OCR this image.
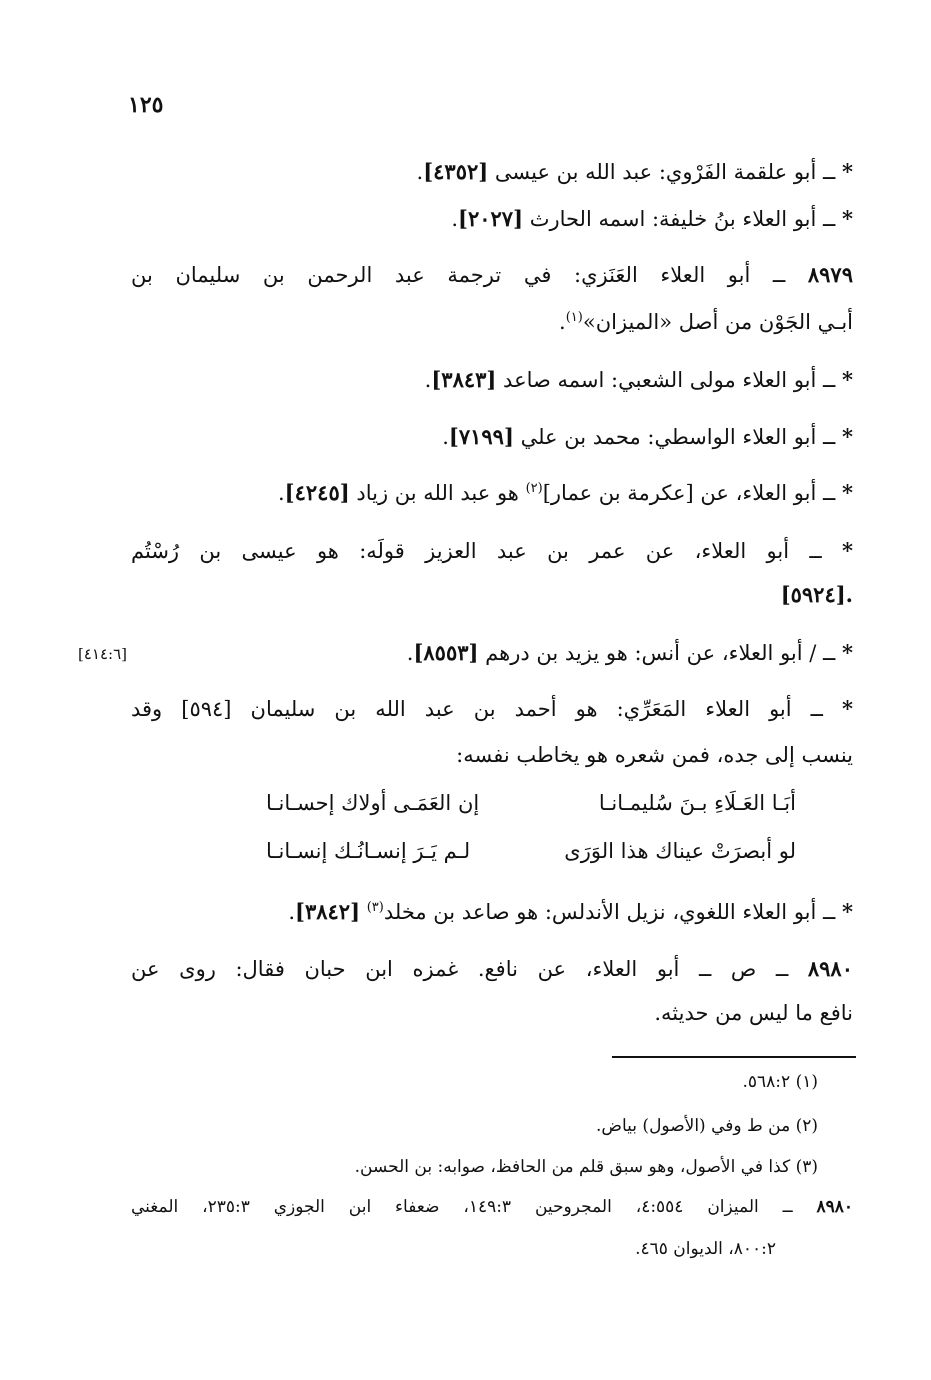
١٢٥
* ــ أبو علقمة الفَرْوي: عبد الله بن عيسى [٤٣٥٢].
* ــ أبو العلاء بنُ خليفة: اسمه الحارث [٢٠٢٧].
٨٩٧٩ ــ أبو العلاء العَنَزي: في ترجمة عبد الرحمن بن سليمان بن
أبـي الجَوْن من أصل «الميزان»$^{(١)}$.
* ــ أبو العلاء مولى الشعبي: اسمه صاعد [٣٨٤٣].
* ــ أبو العلاء الواسطي: محمد بن علي [٧١٩٩].
* ــ أبو العلاء، عن [عكرمة بن عمار]$^{(٢)}$ هو عبد الله بن زياد [٤٢٤٥].
* ــ أبو العلاء، عن عمر بن عبد العزيز قولَه: هو عيسى بن رُسْتُم
.[٥٩٢٤]
* ــ / أبو العلاء، عن أنس: هو يزيد بن درهم [٨٥٥٣].
[٤١٤:٦]
* ــ أبو العلاء المَعَرِّي: هو أحمد بن عبد الله بن سليمان [٥٩٤] وقد
ينسب إلى جده، فمن شعره هو يخاطب نفسه:
أبَـا العَـلَاءِ بـنَ سُليمـانـا
إن العَمَـى أولاك إحسـانـا
لو أبصرَتْ عيناك هذا الوَرَى
لـم يَـرَ إنسـانُـك إنسـانـا
* ــ أبو العلاء اللغوي، نزيل الأندلس: هو صاعد بن مخلد$^{(٣)}$ [٣٨٤٢].
٨٩٨٠ ــ ص ــ أبو العلاء، عن نافع. غمزه ابن حبان فقال: روى عن
نافع ما ليس من حديثه.
(١) ٥٦٨:٢.
(٢) من ط وفي (الأصول) بياض.
(٣) كذا في الأصول، وهو سبق قلم من الحافظ، صوابه: بن الحسن.
٨٩٨٠ ــ الميزان ٤:٥٥٤، المجروحين ١٤٩:٣، ضعفاء ابن الجوزي ٢٣٥:٣، المغني
٨٠٠:٢، الديوان ٤٦٥.
